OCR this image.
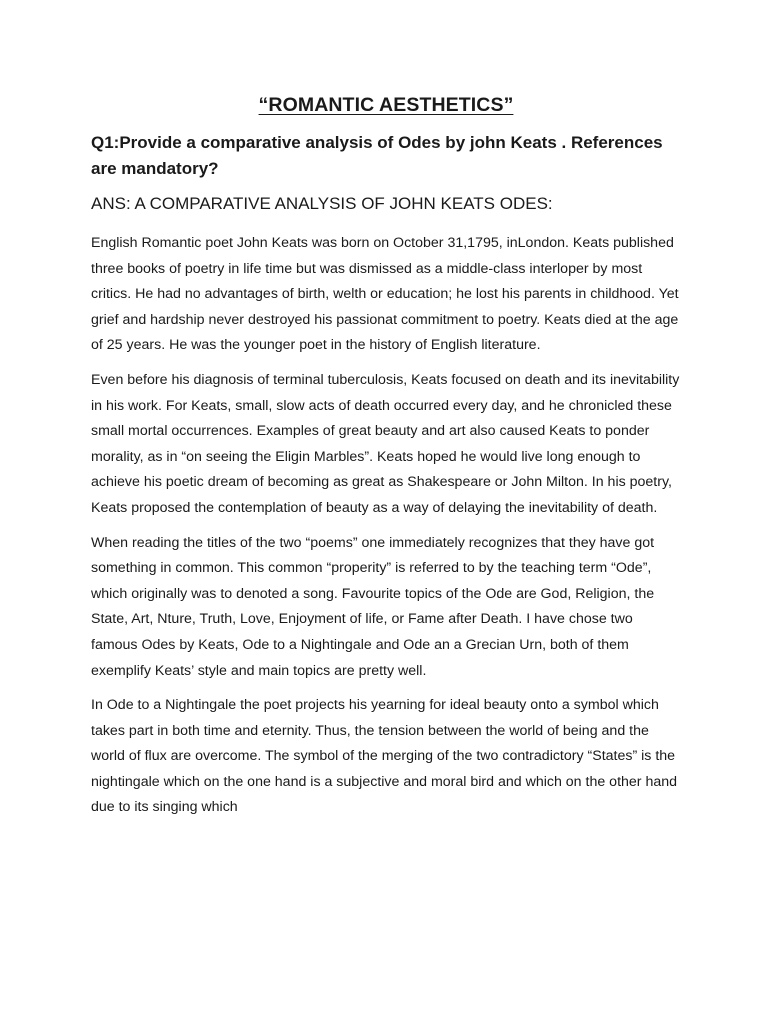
“ROMANTIC AESTHETICS”
Q1:Provide a comparative analysis of Odes by john Keats . References are mandatory?
ANS: A COMPARATIVE ANALYSIS OF JOHN KEATS ODES:

English Romantic poet John Keats was born on October 31,1795, inLondon. Keats published three books of poetry in life time but was dismissed as a middle-class interloper by most critics. He had no advantages of birth, welth or education; he lost his parents in childhood. Yet grief and hardship never destroyed his passionat commitment to poetry. Keats died at the age of 25 years. He was the younger poet in the history of English literature.

Even before his diagnosis of terminal tuberculosis, Keats focused on death and its inevitability in his work. For Keats, small, slow acts of death occurred every day, and he chronicled these small mortal occurrences. Examples of great beauty and art also caused Keats to ponder morality, as in “on seeing the Eligin Marbles”. Keats hoped he would live long enough to achieve his poetic dream of becoming as great as Shakespeare or John Milton. In his poetry, Keats proposed the contemplation of beauty as a way of delaying the inevitability of death.

When reading the titles of the two “poems” one immediately recognizes that they have got something in common. This common “properity” is referred to by the teaching term “Ode”, which originally was to denoted a song. Favourite topics of the Ode are God, Religion, the State, Art, Nture, Truth, Love, Enjoyment of life, or Fame after Death. I have chose two famous Odes by Keats, Ode to a Nightingale and Ode an a Grecian Urn, both of them exemplify Keats’ style and main topics are pretty well.

In Ode to a Nightingale the poet projects his yearning for ideal beauty onto a symbol which takes part in both time and eternity. Thus, the tension between the world of being and the world of flux are overcome. The symbol of the merging of the two contradictory “States” is the nightingale which on the one hand is a subjective and moral bird and which on the other hand due to its singing which
